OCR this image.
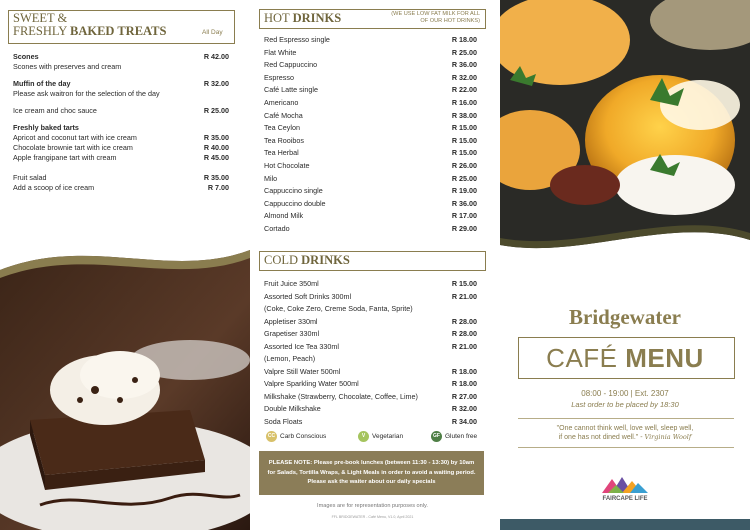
SWEET &
FRESHLY BAKED TREATS	All Day
Scones	R 42.00
Scones with preserves and cream
Muffin of the day	R 32.00
Please ask waitron for the selection of the day
Ice cream and choc sauce	R 25.00
Freshly baked tarts
Apricot and coconut tart with ice cream	R 35.00
Chocolate brownie tart with ice cream	R 40.00
Apple frangipane tart with cream	R 45.00
Fruit salad	R 35.00
Add a scoop of ice cream	R 7.00
HOT DRINKS	(WE USE LOW FAT MILK FOR ALL
OF OUR HOT DRINKS)
Red Espresso single	R 18.00
Flat White	R 25.00
Red Cappuccino	R 36.00
Espresso	R 32.00
Café Latte single	R 22.00
Americano	R 16.00
Café Mocha	R 38.00
Tea Ceylon	R 15.00
Tea Rooibos	R 15.00
Tea Herbal	R 15.00
Hot Chocolate	R 26.00
Milo	R 25.00
Cappuccino single	R 19.00
Cappuccino double	R 36.00
Almond Milk	R 17.00
Cortado	R 29.00
COLD DRINKS
Fruit Juice 350ml	R 15.00
Assorted Soft Drinks 300ml	R 21.00
(Coke, Coke Zero, Creme Soda, Fanta, Sprite)
Appletiser 330ml	R 28.00
Grapetiser 330ml	R 28.00
Assorted Ice Tea 330ml	R 21.00
(Lemon, Peach)
Valpre Still Water 500ml	R 18.00
Valpre Sparkling Water 500ml	R 18.00
Milkshake (Strawberry, Chocolate, Coffee, Lime)	R 27.00
Double Milkshake	R 32.00
Soda Floats	R 34.00
CC Carb Conscious	V Vegetarian	GF Gluten free
PLEASE NOTE: Please pre-book lunches (between 11:30 - 13:30) by 10am for Salads, Tortilla Wraps, & Light Meals in order to avoid a waiting period. Please ask the waiter about our daily specials
Images are for representation purposes only.
FFL BRIDGEWATER - Café Menu, V1.0, April 2021
Bridgewater
CAFÉ MENU
08:00 - 19:00 | Ext. 2307
Last order to be placed by 18:30
"One cannot think well, love well, sleep well,
if one has not dined well." - Virginia Woolf
FAIRCAPE LIFE
